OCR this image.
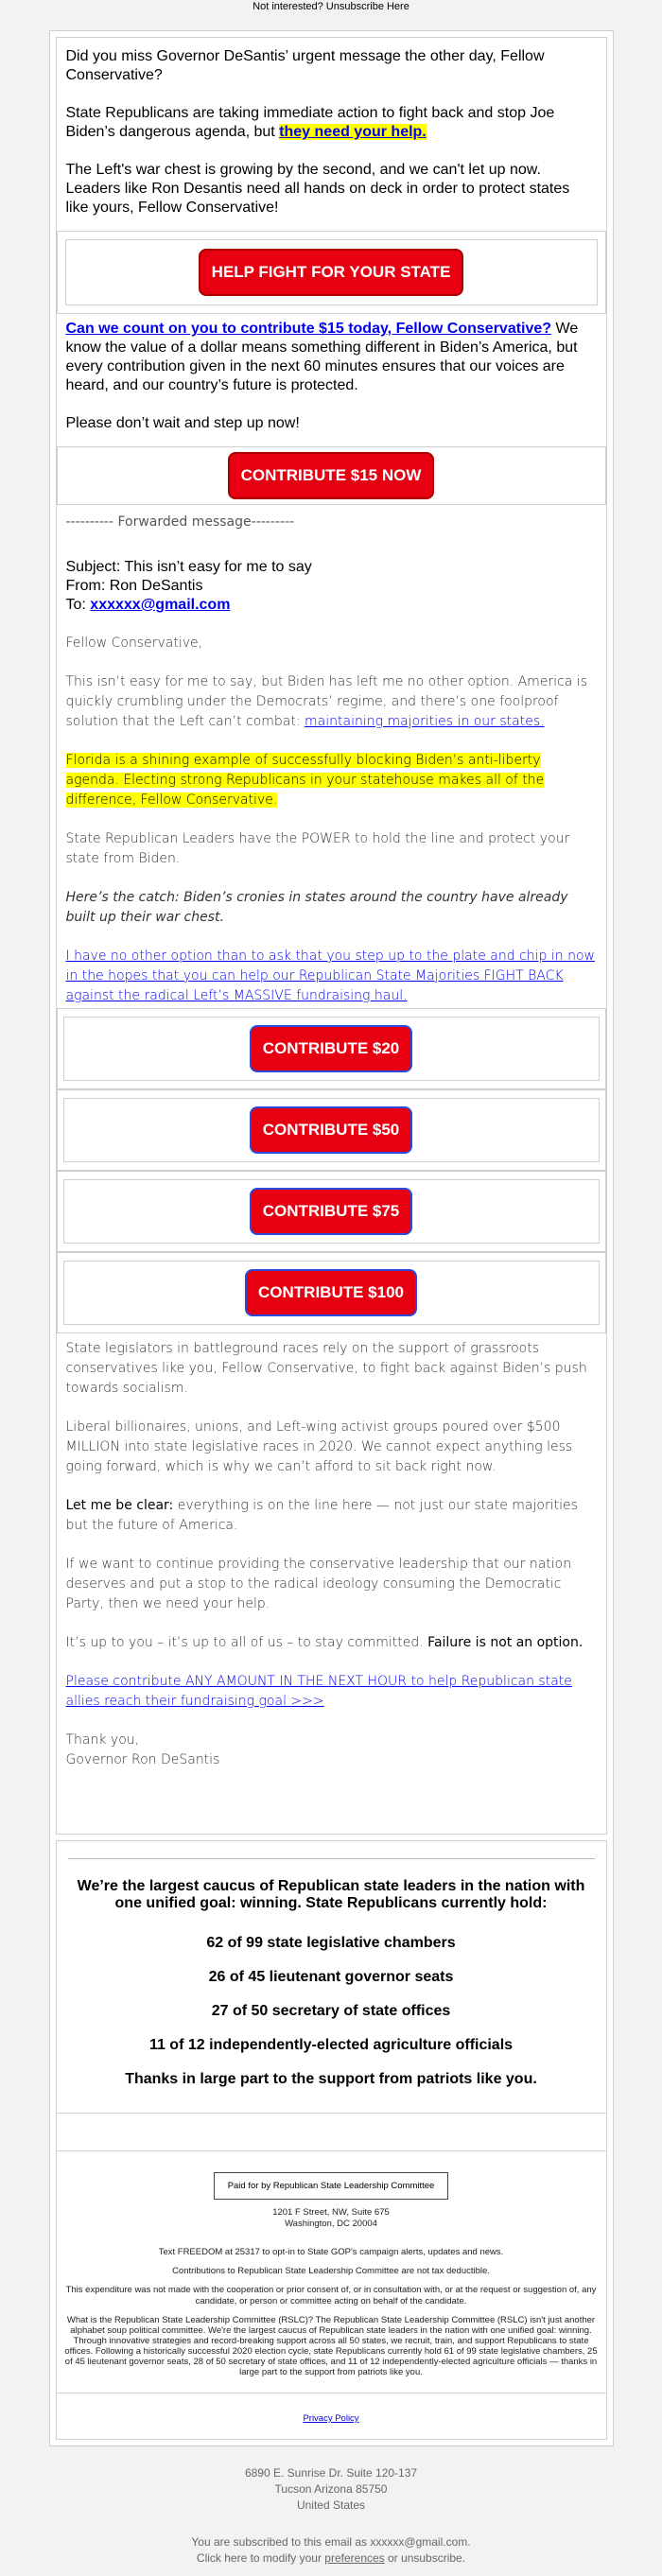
Not interested? Unsubscribe Here

Did you miss Governor DeSantis’ urgent message the other day, Fellow Conservative?

State Republicans are taking immediate action to fight back and stop Joe Biden’s dangerous agenda, but they need your help.

The Left's war chest is growing by the second, and we can't let up now. Leaders like Ron Desantis need all hands on deck in order to protect states like yours, Fellow Conservative!

HELP FIGHT FOR YOUR STATE

Can we count on you to contribute $15 today, Fellow Conservative? We know the value of a dollar means something different in Biden’s America, but every contribution given in the next 60 minutes ensures that our voices are heard, and our country’s future is protected.

Please don’t wait and step up now!

CONTRIBUTE $15 NOW
---------- Forwarded message---------

Subject: This isn’t easy for me to say
From: Ron DeSantis
To: xxxxxx@gmail.com

Fellow Conservative,

This isn’t easy for me to say, but Biden has left me no other option. America is quickly crumbling under the Democrats’ regime, and there’s one foolproof solution that the Left can’t combat: maintaining majorities in our states.

Florida is a shining example of successfully blocking Biden’s anti-liberty agenda. Electing strong Republicans in your statehouse makes all of the difference, Fellow Conservative.

State Republican Leaders have the POWER to hold the line and protect your state from Biden.

Here’s the catch: Biden’s cronies in states around the country have already built up their war chest.

I have no other option than to ask that you step up to the plate and chip in now in the hopes that you can help our Republican State Majorities FIGHT BACK against the radical Left’s MASSIVE fundraising haul.

CONTRIBUTE $20
CONTRIBUTE $50
CONTRIBUTE $75
CONTRIBUTE $100

State legislators in battleground races rely on the support of grassroots conservatives like you, Fellow Conservative, to fight back against Biden’s push towards socialism.

Liberal billionaires, unions, and Left-wing activist groups poured over $500 MILLION into state legislative races in 2020. We cannot expect anything less going forward, which is why we can’t afford to sit back right now.

Let me be clear: everything is on the line here — not just our state majorities but the future of America.

If we want to continue providing the conservative leadership that our nation deserves and put a stop to the radical ideology consuming the Democratic Party, then we need your help.

It’s up to you – it’s up to all of us – to stay committed. Failure is not an option.

Please contribute ANY AMOUNT IN THE NEXT HOUR to help Republican state allies reach their fundraising goal >>>

Thank you,
Governor Ron DeSantis

We’re the largest caucus of Republican state leaders in the nation with one unified goal: winning. State Republicans currently hold:

62 of 99 state legislative chambers

26 of 45 lieutenant governor seats

27 of 50 secretary of state offices

11 of 12 independently-elected agriculture officials

Thanks in large part to the support from patriots like you.

Paid for by Republican State Leadership Committee
1201 F Street, NW, Suite 675
Washington, DC 20004
Text FREEDOM at 25317 to opt-in to State GOP's campaign alerts, updates and news.
Contributions to Republican State Leadership Committee are not tax deductible.
This expenditure was not made with the cooperation or prior consent of, or in consultation with, or at the request or suggestion of, any candidate, or person or committee acting on behalf of the candidate.
What is the Republican State Leadership Committee (RSLC)? The Republican State Leadership Committee (RSLC) isn't just another alphabet soup political committee. We're the largest caucus of Republican state leaders in the nation with one unified goal: winning. Through innovative strategies and record-breaking support across all 50 states, we recruit, train, and support Republicans to state offices. Following a historically successful 2020 election cycle, state Republicans currently hold 61 of 99 state legislative chambers, 25 of 45 lieutenant governor seats, 28 of 50 secretary of state offices, and 11 of 12 independently-elected agriculture officials — thanks in large part to the support from patriots like you.
Privacy Policy
6890 E. Sunrise Dr. Suite 120-137
Tucson Arizona 85750
United States
You are subscribed to this email as xxxxxx@gmail.com.
Click here to modify your preferences or unsubscribe.
